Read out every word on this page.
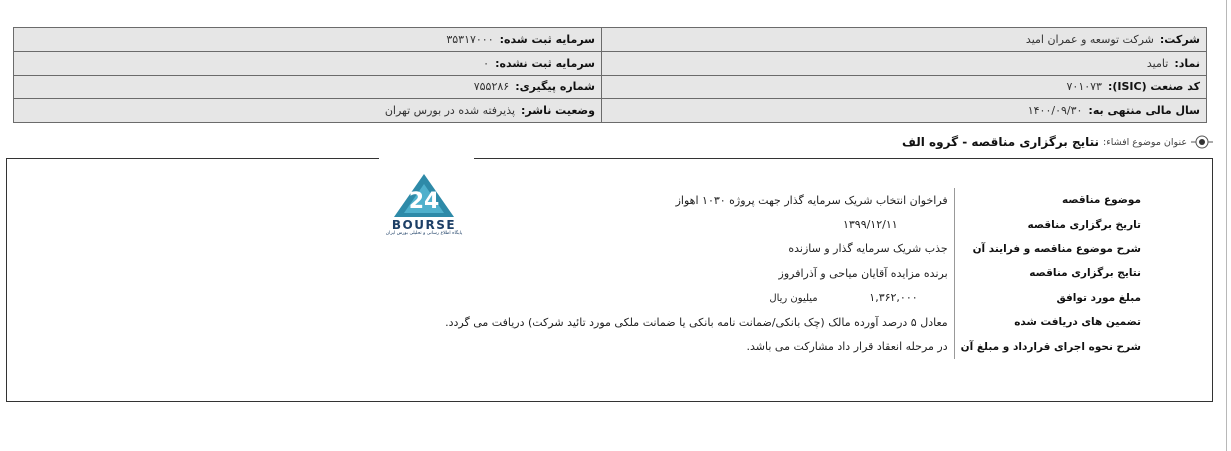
شرکت:شرکت توسعه و عمران امید	سرمایه ثبت شده:۳۵۳۱۷۰۰۰
نماد:تامید	سرمایه ثبت نشده:۰
کد صنعت (ISIC):۷۰۱۰۷۳	شماره پیگیری:۷۵۵۲۸۶
سال مالی منتهی به:۱۴۰۰/۰۹/۳۰	وضعیت ناشر:پذیرفته شده در بورس تهران
عنوان موضوع افشاء:
نتایج برگزاری مناقصه - گروه الف
24
BOURSE
پایگاه اطلاع رسانی و تحلیلی بورس ایران
موضوع مناقصه	فراخوان انتخاب شریک سرمایه گذار جهت پروژه ۱۰۳۰ اهواز
تاریخ برگزاری مناقصه	۱۳۹۹/۱۲/۱۱
شرح موضوع مناقصه و فرایند آن	جذب شریک سرمایه گذار و سازنده
نتایج برگزاری مناقصه	برنده مزایده آقایان میاحی و آذرافروز
مبلغ مورد توافق	۱,۳۶۲,۰۰۰میلیون ریال
تضمین های دریافت شده	معادل ۵ درصد آورده مالک (چک بانکی/ضمانت نامه بانکی یا ضمانت ملکی مورد تائید شرکت) دریافت می گردد.
شرح نحوه اجرای قرارداد و مبلغ آن	در مرحله انعقاد قرار داد مشارکت می باشد.
